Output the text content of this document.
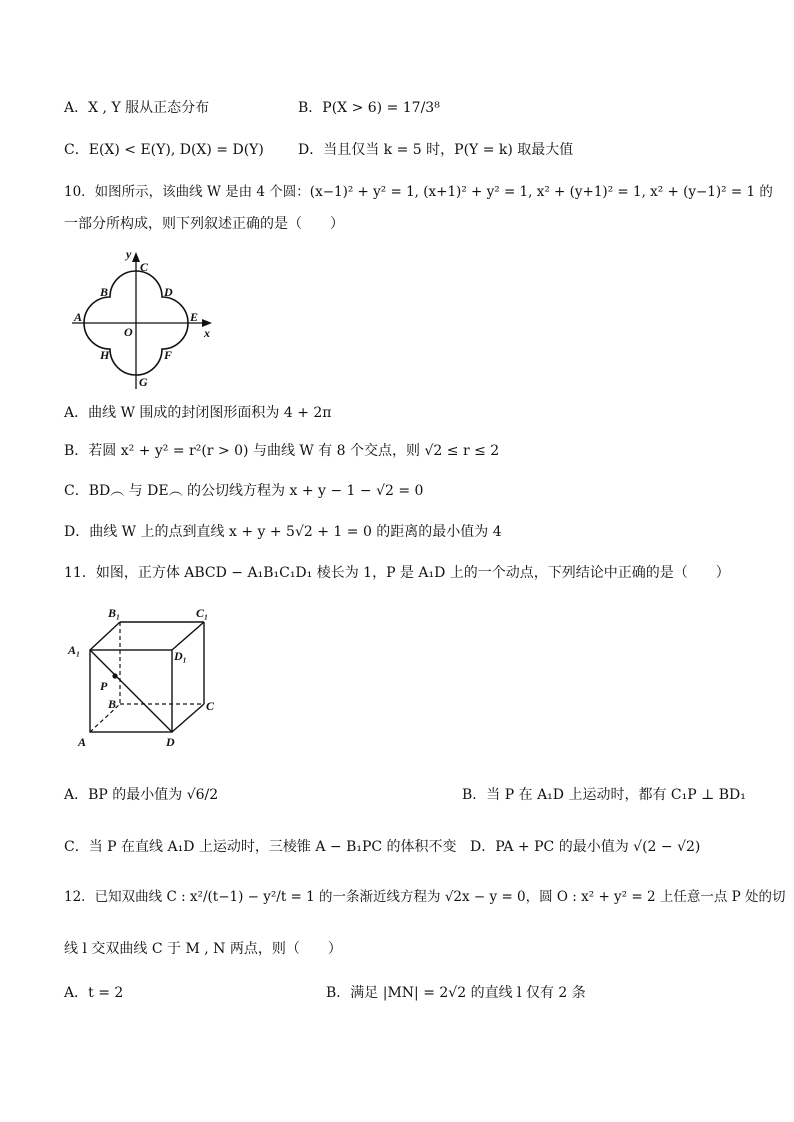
A．X , Y 服从正态分布	B．P(X > 6) = 17/3⁸
C．E(X) < E(Y), D(X) = D(Y) D．当且仅当 k = 5 时，P(Y = k) 取最大值
10．如图所示，该曲线 W 是由 4 个圆：(x−1)² + y² = 1, (x+1)² + y² = 1, x² + (y+1)² = 1, x² + (y−1)² = 1 的
一部分所构成，则下列叙述正确的是（　　）
y
C
B	D
A
O
E
x
H	F
G
A．曲线 W 围成的封闭图形面积为 4 + 2π
B．若圆 x² + y² = r²(r > 0) 与曲线 W 有 8 个交点，则 √2 ≤ r ≤ 2
C．BD︵ 与 DE︵ 的公切线方程为 x + y − 1 − √2 = 0
D．曲线 W 上的点到直线 x + y + 5√2 + 1 = 0 的距离的最小值为 4
11．如图，正方体 ABCD − A₁B₁C₁D₁ 棱长为 1，P 是 A₁D 上的一个动点，下列结论中正确的是（　　）
B₁	C₁
A₁	D₁
P
B	C
A	D
A．BP 的最小值为 √6/2	B．当 P 在 A₁D 上运动时，都有 C₁P ⊥ BD₁
C．当 P 在直线 A₁D 上运动时，三棱锥 A − B₁PC 的体积不变 D．PA + PC 的最小值为 √(2 − √2)
12．已知双曲线 C : x²/(t−1) − y²/t = 1 的一条渐近线方程为 √2x − y = 0，圆 O : x² + y² = 2 上任意一点 P 处的切
线 l 交双曲线 C 于 M , N 两点，则（　　）
A．t = 2	B．满足 |MN| = 2√2 的直线 l 仅有 2 条
